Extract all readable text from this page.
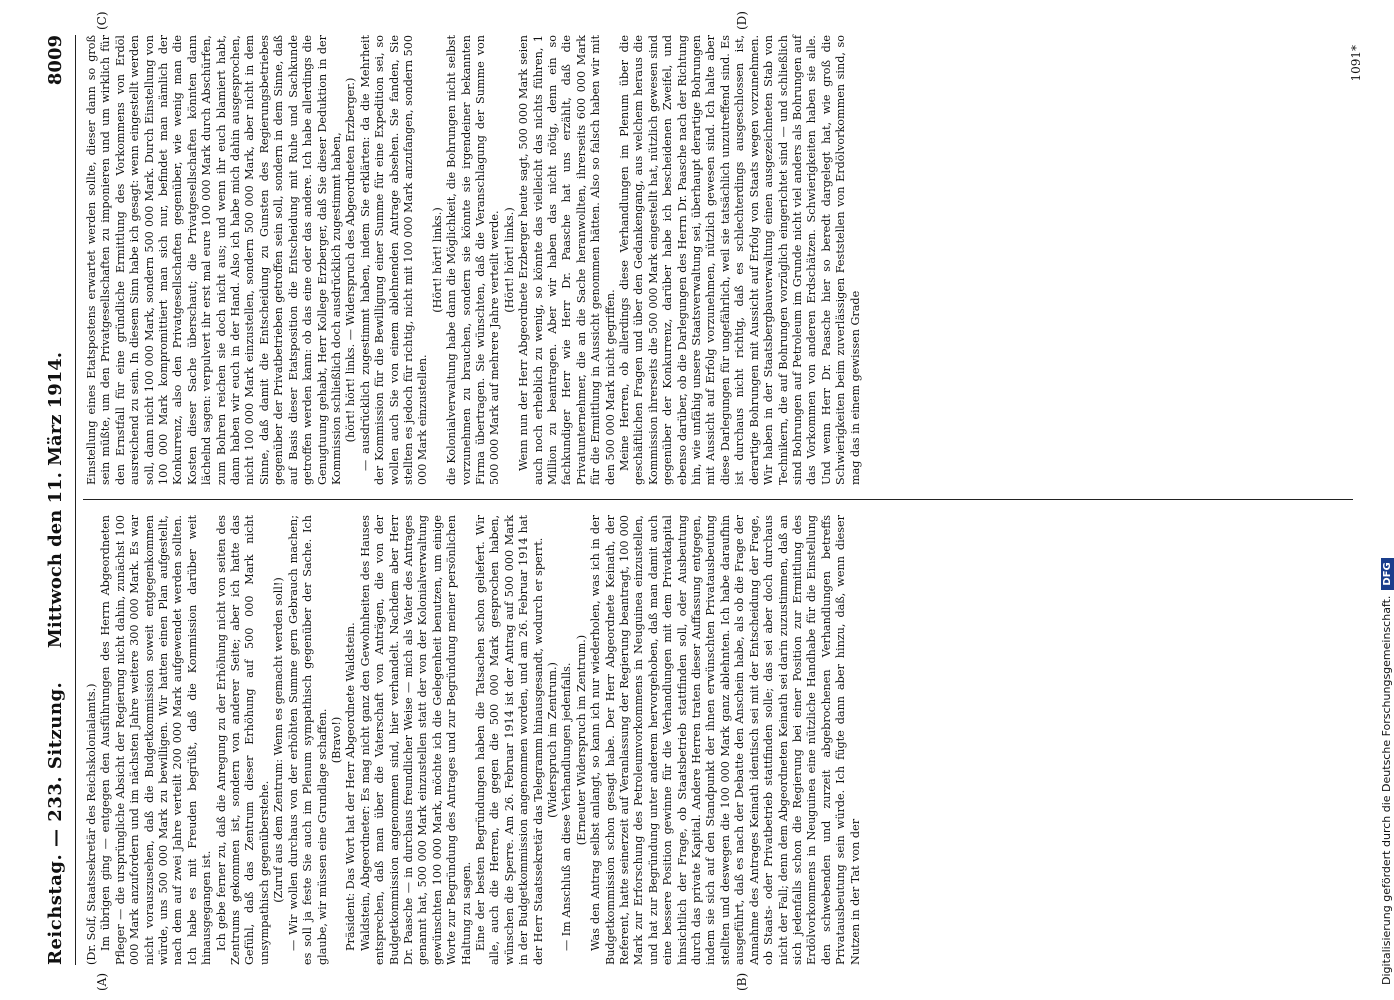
Reichstag. — 233. Sitzung.
Mittwoch den 11. März 1914.
8009

(Dr. Solf, Staatssekretär des Reichskolonialamts.) Im übrigen ging — entgegen den Ausführungen des Herrn Abgeordneten Pfleger — die ursprüngliche Absicht der Regierung nicht dahin, zunächst 100 000 Mark anzufordern und im nächsten Jahre weitere 300 000 Mark. Es war nicht vorauszusehen, daß die Budgetkommission soweit entgegenkommen würde, uns 500 000 Mark zu bewilligen. Wir hatten einen Plan aufgestellt, nach dem auf zwei Jahre verteilt 200 000 Mark aufgewendet werden sollten. Ich habe es mit Freuden begrüßt, daß die Kommission darüber weit hinausgegangen ist. Ich gebe ferner zu, daß die Anregung zu der Erhöhung nicht von seiten des Zentrums gekommen ist, sondern von anderer Seite; aber ich hatte das Gefühl, daß das Zentrum dieser Erhöhung auf 500 000 Mark nicht unsympathisch gegenüberstehe. (Zuruf aus dem Zentrum: Wenn es gemacht werden soll!) — Wir wollen durchaus von der erhöhten Summe gern Gebrauch machen; es soll ja feste Sie auch im Plenum sympathisch gegenüber der Sache. Ich glaube, wir müssen eine Grundlage schaffen. (Bravo!) Präsident: Das Wort hat der Herr Abgeordnete Waldstein. Waldstein, Abgeordneter: Es mag nicht ganz den Gewohnheiten des Hauses entsprechen, daß man über die Vaterschaft von Anträgen, die von der Budgetkommission angenommen sind, hier verhandelt. Nachdem aber Herr Dr. Paasche — in durchaus freundlicher Weise — mich als Vater des Antrages genannt hat, 500 000 Mark einzustellen statt der von der Kolonialverwaltung gewünschten 100 000 Mark, möchte ich die Gelegenheit benutzen, um einige Worte zur Begründung des Antrages und zur Begründung meiner persönlichen Haltung zu sagen. Eine der besten Begründungen haben die Tatsachen schon geliefert. Wir alle, auch die Herren, die gegen die 500 000 Mark gesprochen haben, wünschen die Sperre. Am 26. Februar 1914 ist der Antrag auf 500 000 Mark in der Budgetkommission angenommen worden, und am 26. Februar 1914 hat der Herr Staatssekretär das Telegramm hinausgesandt, wodurch er sperrt. (Widerspruch im Zentrum.) — Im Anschluß an diese Verhandlungen jedenfalls. (Erneuter Widerspruch im Zentrum.) Was den Antrag selbst anlangt, so kann ich nur wiederholen, was ich in der Budgetkommission schon gesagt habe. Der Herr Abgeordnete Keinath, der Referent, hatte seinerzeit auf Veranlassung der Regierung beantragt, 100 000 Mark zur Erforschung des Petroleumvorkommens in Neuguinea einzustellen, und hat zur Begründung unter anderem hervorgehoben, daß man damit auch eine bessere Position gewinne für die Verhandlungen mit dem Privatkapital hinsichtlich der Frage, ob Staatsbetrieb stattfinden soll, oder Ausbeutung durch das private Kapital. Andere Herren traten dieser Auffassung entgegen, indem sie sich auf den Standpunkt der ihnen erwünschten Privatausbeutung stellten und deswegen die 100 000 Mark ganz ablehnten. Ich habe daraufhin ausgeführt, daß es nach der Debatte den Anschein habe, als ob die Frage der Annahme des Antrages Keinath identisch sei mit der Entscheidung der Frage, ob Staats- oder Privatbetrieb stattfinden solle; das sei aber doch durchaus nicht der Fall; denn dem Abgeordneten Keinath sei darin zuzustimmen, daß an sich jedenfalls schon die Regierung bei einer Position zur Ermittlung des Erdölvorkommens in Neuguinea eine nützliche Handhabe für die Einstellung den schwebenden und zurzeit abgebrochenen Verhandlungen betreffs Privatausbeutung sein würde. Ich fügte dann aber hinzu, daß, wenn dieser Nutzen in der Tat von der

Einstellung eines Etatspostens erwartet werden sollte, dieser dann so groß sein müßte, um den Privatgesellschaften zu imponieren und um wirklich für den Ernstfall für eine gründliche Ermittlung des Vorkommens von Erdöl ausreichend zu sein. In diesem Sinn habe ich gesagt: wenn eingestellt werden soll, dann nicht 100 000 Mark, sondern 500 000 Mark. Durch Einstellung von 100 000 Mark kompromittiert man sich nur, befindet man nämlich der Konkurrenz, also den Privatgesellschaften gegenüber, wie wenig man die Kosten dieser Sache überschaut; die Privatgesellschaften könnten dann lächelnd sagen: verpulvert ihr erst mal eure 100 000 Mark durch Abschürfen, zum Bohren reichen sie doch nicht aus; und wenn ihr euch blamiert habt, dann haben wir euch in der Hand. Also ich habe mich dahin ausgesprochen, nicht 100 000 Mark einzustellen, sondern 500 000 Mark, aber nicht in dem Sinne, daß damit die Entscheidung zu Gunsten des Regierungsbetriebes gegenüber der Privatbetrieben getroffen sein soll, sondern in dem Sinne, daß auf Basis dieser Etatsposition die Entscheidung mit Ruhe und Sachkunde getroffen werden kann: ob das eine oder das andere. Ich habe allerdings die Genugtuung gehabt, Herr Kollege Erzberger, daß Sie dieser Deduktion in der Kommission schließlich doch ausdrücklich zugestimmt haben, (hört! hört! links. — Widerspruch des Abgeordneten Erzberger.) — ausdrücklich zugestimmt haben, indem Sie erklärten: da die Mehrheit der Kommission für die Bewilligung einer Summe für eine Expedition sei, so wollen auch Sie von einem ablehnenden Antrage absehen. Sie fanden, Sie stellten es jedoch für richtig, nicht mit 100 000 Mark anzufangen, sondern 500 000 Mark einzustellen.

(Hört! hört! links.) die Kolonialverwaltung habe dann die Möglichkeit, die Bohrungen nicht selbst vorzunehmen zu brauchen, sondern sie könnte sie irgendeiner bekannten Firma übertragen. Sie wünschten, daß die Veranschlagung der Summe von 500 000 Mark auf mehrere Jahre verteilt werde. (Hört! hört! links.) Wenn nun der Herr Abgeordnete Erzberger heute sagt, 500 000 Mark seien auch noch erheblich zu wenig, so könnte das vielleicht das nichts führen, 1 Million zu beantragen. Aber wir haben das nicht nötig, denn ein so fachkundiger Herr wie Herr Dr. Paasche hat uns erzählt, daß die Privatunternehmer, die an die Sache heranwollten, ihrerseits 600 000 Mark für die Ermittlung in Aussicht genommen hätten. Also so falsch haben wir mit den 500 000 Mark nicht gegriffen. Meine Herren, ob allerdings diese Verhandlungen im Plenum über die geschäftlichen Fragen und über den Gedankengang, aus welchem heraus die Kommission ihrerseits die 500 000 Mark eingestellt hat, nützlich gewesen sind gegenüber der Konkurrenz, darüber habe ich bescheidenen Zweifel, und ebenso darüber, ob die Darlegungen des Herrn Dr. Paasche nach der Richtung hin, wie unfähig unsere Staatsverwaltung sei, überhaupt derartige Bohrungen mit Aussicht auf Erfolg vorzunehmen, nützlich gewesen sind. Ich halte aber diese Darlegungen für ungefährlich, weil sie tatsächlich unzutreffend sind. Es ist durchaus nicht richtig, daß es schlechterdings ausgeschlossen ist, derartige Bohrungen mit Aussicht auf Erfolg von Staats wegen vorzunehmen. Wir haben in der Staatsbergbauverwaltung einen ausgezeichneten Stab von Technikern, die auf Bohrungen vorzüglich eingerichtet sind — und schließlich sind Bohrungen auf Petroleum im Grunde nicht viel anders als Bohrungen auf das Vorkommen von anderen Erdschätzen. Schwierigkeiten haben sie alle. Und wenn Herr Dr. Paasche hier so beredt dargelegt hat, wie groß die Schwierigkeiten beim zuverlässigen Feststellen von Erdölvorkommen sind, so mag das in einem gewissen Grade

(A)	(B)
(C)	(D)
1091*
Digitalisierung gefördert durch die Deutsche Forschungsgemeinschaft.DFG
